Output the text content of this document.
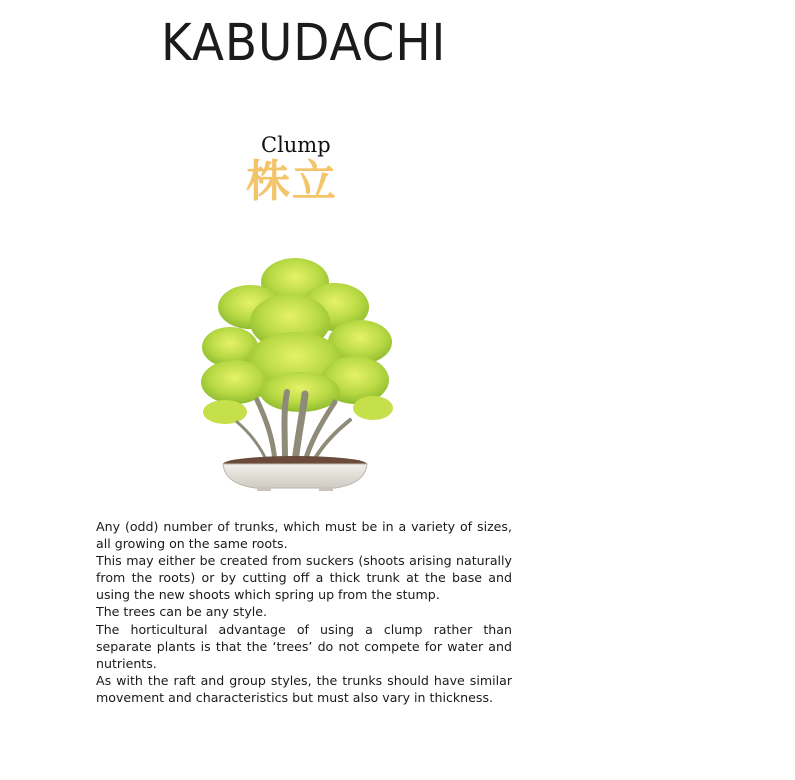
KABUDACHI
Clump
株立

Any (odd) number of trunks, which must be in a variety of sizes, all growing on the same roots.

This may either be created from suckers (shoots arising naturally from the roots) or by cutting off a thick trunk at the base and using the new shoots which spring up from the stump.

The trees can be any style.

The horticultural advantage of using a clump rather than separate plants is that the ‘trees’ do not compete for water and nutrients.

As with the raft and group styles, the trunks should have similar movement and characteristics but must also vary in thickness.
